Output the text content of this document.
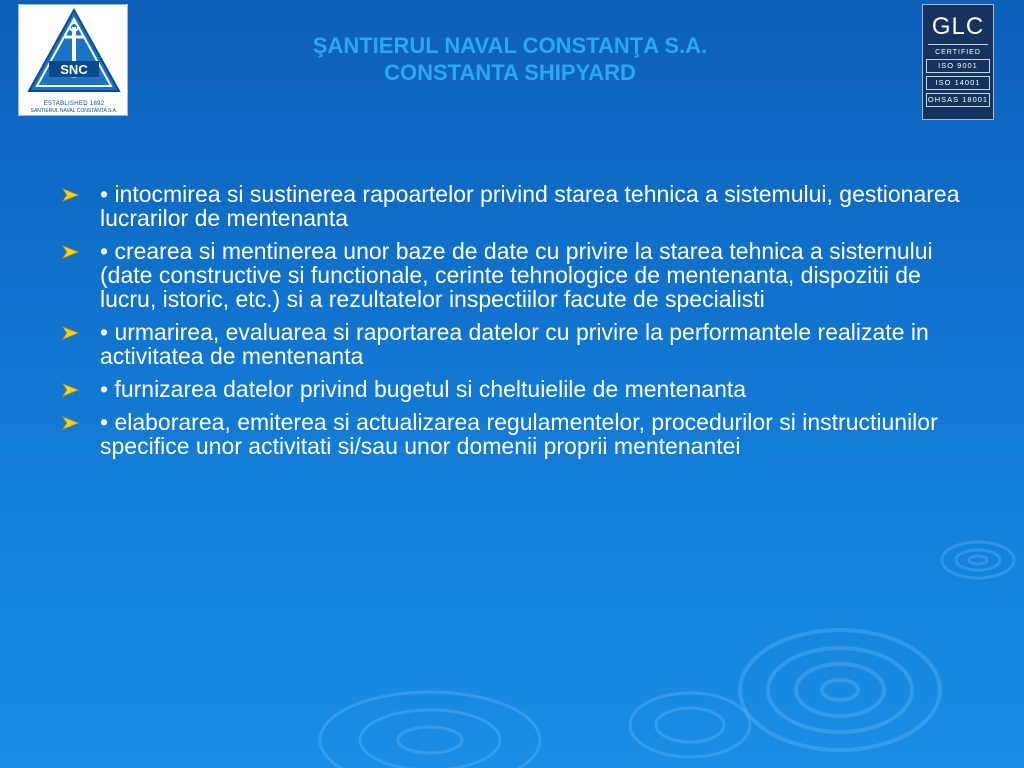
SNC
ESTABLISHED 1892
SANTIERUL NAVAL CONSTANTA S.A.
ŞANTIERUL NAVAL CONSTANŢA S.A.
CONSTANTA SHIPYARD
GLC
CERTIFIED
ISO 9001
ISO 14001
OHSAS 18001
• intocmirea si sustinerea rapoartelor privind starea tehnica a sistemului, gestionarea lucrarilor de mentenanta
• crearea si mentinerea unor baze de date cu privire la starea tehnica a sisternului (date constructive si functionale, cerinte tehnologice de mentenanta, dispozitii de lucru, istoric, etc.) si a rezultatelor inspectiilor facute de specialisti
• urmarirea, evaluarea si raportarea datelor cu privire la performantele realizate in activitatea de mentenanta
• furnizarea datelor privind bugetul si cheltuielile de mentenanta
• elaborarea, emiterea si actualizarea regulamentelor, procedurilor si instructiunilor specifice unor activitati si/sau unor domenii proprii mentenantei
